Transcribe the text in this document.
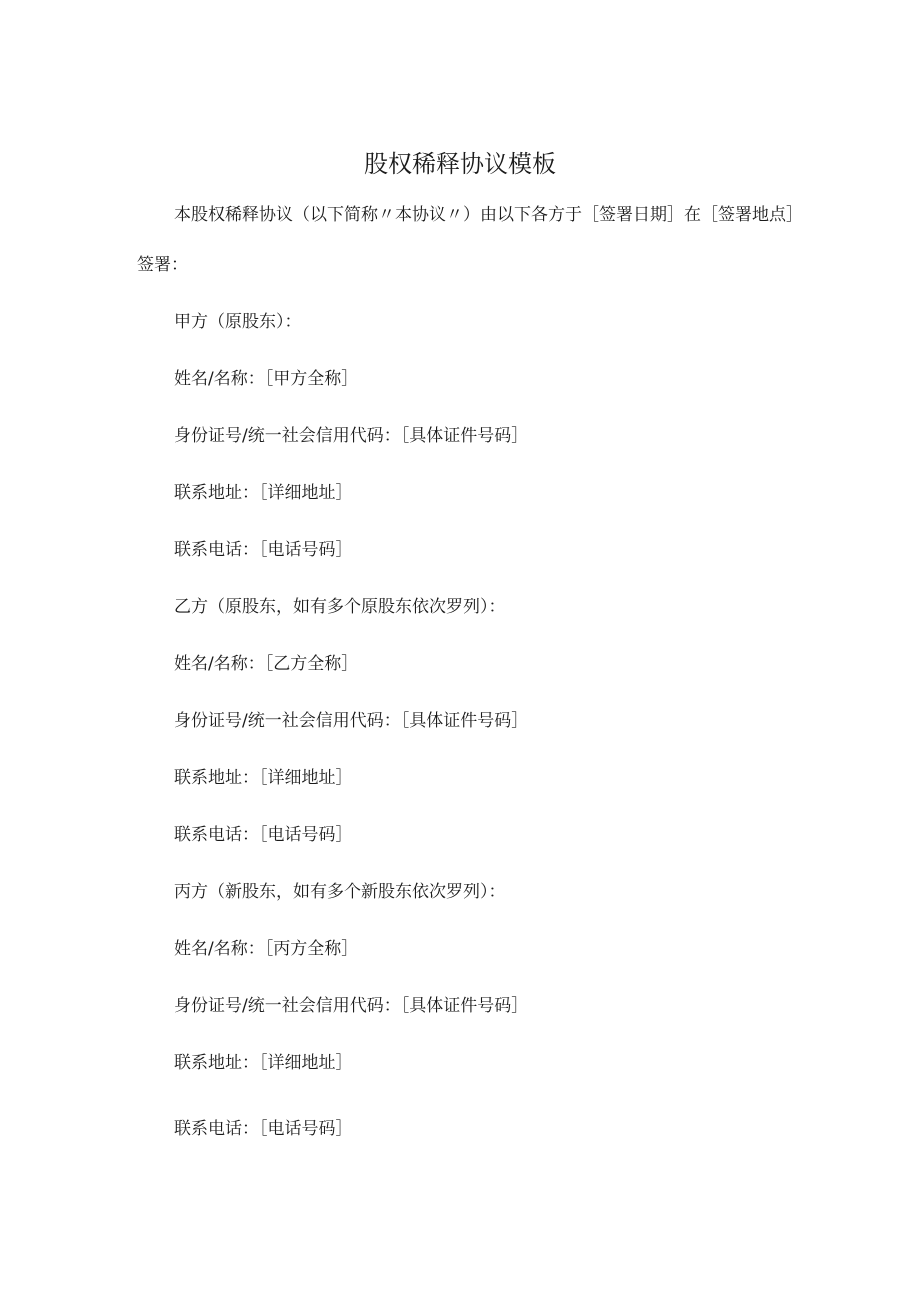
股权稀释协议模板
本股权稀释协议（以下简称〃本协议〃）由以下各方于［签署日期］在［签署地点］
签署：
甲方（原股东）：
姓名/名称：［甲方全称］
身份证号/统一社会信用代码：［具体证件号码］
联系地址：［详细地址］
联系电话：［电话号码］
乙方（原股东，如有多个原股东依次罗列）：
姓名/名称：［乙方全称］
身份证号/统一社会信用代码：［具体证件号码］
联系地址：［详细地址］
联系电话：［电话号码］
丙方（新股东，如有多个新股东依次罗列）：
姓名/名称：［丙方全称］
身份证号/统一社会信用代码：［具体证件号码］
联系地址：［详细地址］
联系电话：［电话号码］
